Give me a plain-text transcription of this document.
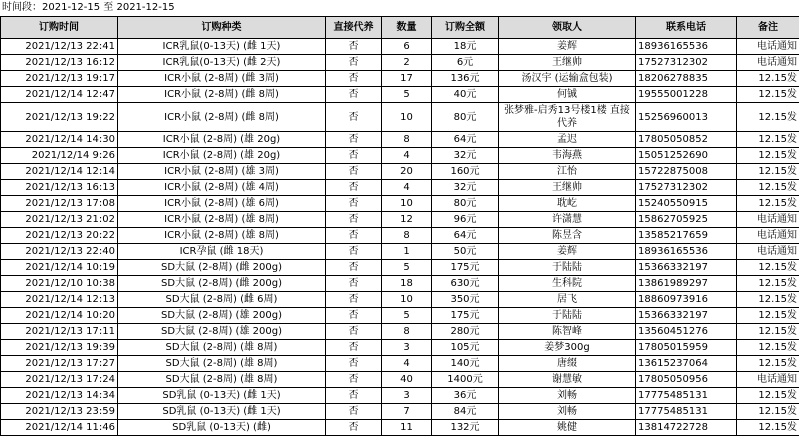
时间段：2021-12-15 至 2021-12-15
订购时间	订购种类	直接代养	数量	订购全额	领取人	联系电话	备注
2021/12/13 22:41	ICR乳鼠(0-13天) (雌 1天)	否	6	18元	姜辉	18936165536	电话通知
2021/12/13 16:12	ICR乳鼠(0-13天) (雌 2天)	否	2	6元	王继帅	17527312302	电话通知
2021/12/13 19:17	ICR小鼠 (2-8周) (雌 3周)	否	17	136元	汤汉宇 (运输盒包装)	18206278835	12.15发
2021/12/14 12:47	ICR小鼠 (2-8周) (雌 8周)	否	5	40元	何铖	19555001228	12.15发
2021/12/13 19:22	ICR小鼠 (2-8周) (雌 8周)	否	10	80元	张梦雅-启秀13号楼1楼 直接代养	15256960013	12.15发
2021/12/14 14:30	ICR小鼠 (2-8周) (雄 20g)	否	8	64元	孟迟	17805050852	12.15发
2021/12/14 9:26	ICR小鼠 (2-8周) (雄 20g)	否	4	32元	韦海燕	15051252690	12.15发
2021/12/14 12:14	ICR小鼠 (2-8周) (雄 3周)	否	20	160元	江怡	15722875008	12.15发
2021/12/13 16:13	ICR小鼠 (2-8周) (雄 4周)	否	4	32元	王继帅	17527312302	12.15发
2021/12/13 17:08	ICR小鼠 (2-8周) (雄 6周)	否	10	80元	耽屹	15240550915	12.15发
2021/12/13 21:02	ICR小鼠 (2-8周) (雄 8周)	否	12	96元	许潇慧	15862705925	电话通知
2021/12/13 20:22	ICR小鼠 (2-8周) (雄 8周)	否	8	64元	陈昱含	13585217659	电话通知
2021/12/13 22:40	ICR孕鼠 (雌 18天)	否	1	50元	姜辉	18936165536	电话通知
2021/12/14 10:19	SD大鼠 (2-8周) (雌 200g)	否	5	175元	于陆陆	15366332197	12.15发
2021/12/10 10:38	SD大鼠 (2-8周) (雌 200g)	否	18	630元	生科院	13861989297	12.15发
2021/12/14 12:13	SD大鼠 (2-8周) (雌 6周)	否	10	350元	居飞	18860973916	12.15发
2021/12/14 10:20	SD大鼠 (2-8周) (雄 200g)	否	5	175元	于陆陆	15366332197	12.15发
2021/12/13 17:11	SD大鼠 (2-8周) (雄 200g)	否	8	280元	陈智峰	13560451276	12.15发
2021/12/13 19:39	SD大鼠 (2-8周) (雄 8周)	否	3	105元	姜梦300g	17805015959	12.15发
2021/12/13 17:27	SD大鼠 (2-8周) (雄 8周)	否	4	140元	唐缀	13615237064	12.15发
2021/12/13 17:24	SD大鼠 (2-8周) (雄 8周)	否	40	1400元	谢慧敏	17805050956	电话通知
2021/12/13 14:34	SD乳鼠 (0-13天) (雌 1天)	否	3	36元	刘畅	17775485131	12.15发
2021/12/13 23:59	SD乳鼠 (0-13天) (雌 1天)	否	7	84元	刘畅	17775485131	12.15发
2021/12/14 11:46	SD乳鼠 (0-13天) (雌)	否	11	132元	姚健	13814722728	12.15发
